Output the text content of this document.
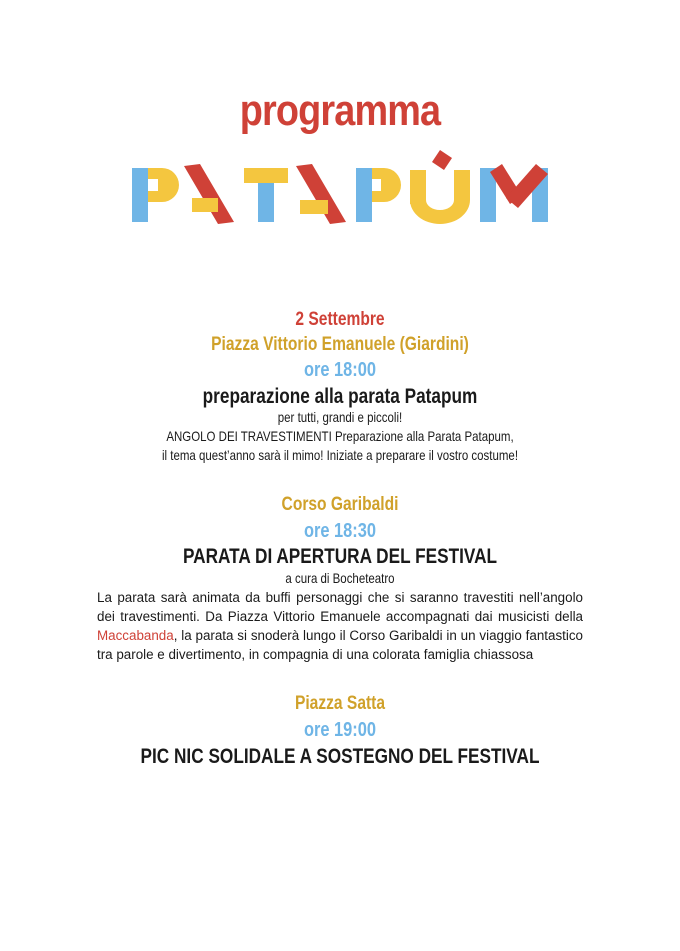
programma
2 Settembre
Piazza Vittorio Emanuele (Giardini)
ore 18:00
preparazione alla parata Patapum
per tutti, grandi e piccoli!
ANGOLO DEI TRAVESTIMENTI Preparazione alla Parata Patapum,
il tema quest’anno sarà il mimo! Iniziate a preparare il vostro costume!
Corso Garibaldi
ore 18:30
PARATA DI APERTURA DEL FESTIVAL
a cura di Bocheteatro
La parata sarà animata da buffi personaggi che si saranno travestiti nell’angolo dei travestimenti. Da Piazza Vittorio Emanuele accompagnati dai musicisti della Maccabanda, la parata si snoderà lungo il Corso Garibaldi in un viaggio fantastico tra parole e divertimento, in compagnia di una colorata famiglia chiassosa
Piazza Satta
ore 19:00
PIC NIC SOLIDALE A SOSTEGNO DEL FESTIVAL
